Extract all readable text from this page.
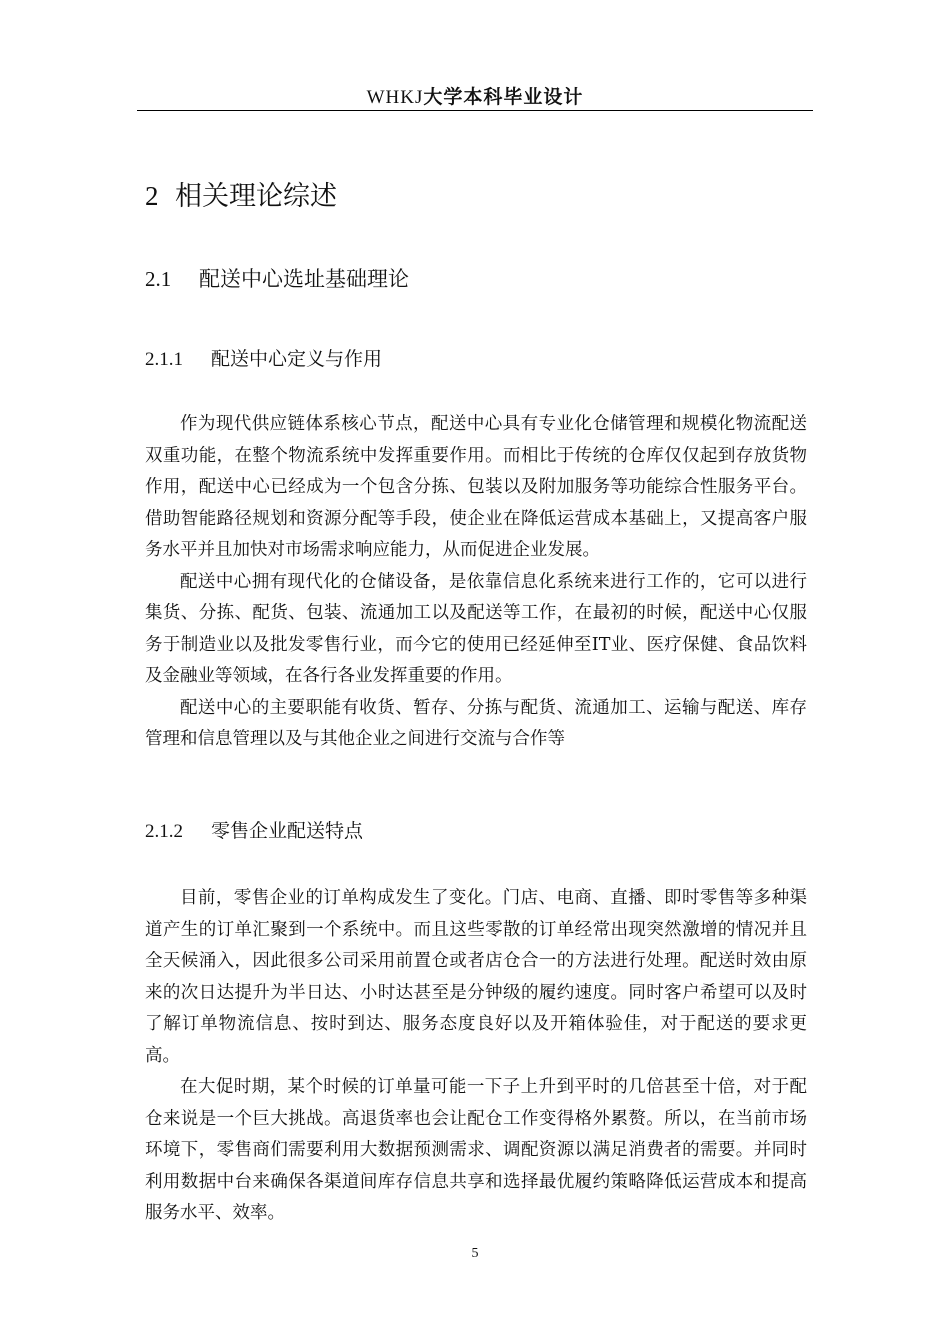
WHKJ大学本科毕业设计
2 相关理论综述
2.1 配送中心选址基础理论
2.1.1 配送中心定义与作用

作为现代供应链体系核心节点，配送中心具有专业化仓储管理和规模化物流配送双重功能，在整个物流系统中发挥重要作用。而相比于传统的仓库仅仅起到存放货物作用，配送中心已经成为一个包含分拣、包装以及附加服务等功能综合性服务平台。借助智能路径规划和资源分配等手段，使企业在降低运营成本基础上，又提高客户服务水平并且加快对市场需求响应能力，从而促进企业发展。

配送中心拥有现代化的仓储设备，是依靠信息化系统来进行工作的，它可以进行集货、分拣、配货、包装、流通加工以及配送等工作，在最初的时候，配送中心仅服务于制造业以及批发零售行业，而今它的使用已经延伸至IT业、医疗保健、食品饮料及金融业等领域，在各行各业发挥重要的作用。

配送中心的主要职能有收货、暂存、分拣与配货、流通加工、运输与配送、库存管理和信息管理以及与其他企业之间进行交流与合作等

2.1.2 零售企业配送特点

目前，零售企业的订单构成发生了变化。门店、电商、直播、即时零售等多种渠道产生的订单汇聚到一个系统中。而且这些零散的订单经常出现突然激增的情况并且全天候涌入，因此很多公司采用前置仓或者店仓合一的方法进行处理。配送时效由原来的次日达提升为半日达、小时达甚至是分钟级的履约速度。同时客户希望可以及时了解订单物流信息、按时到达、服务态度良好以及开箱体验佳，对于配送的要求更高。

在大促时期，某个时候的订单量可能一下子上升到平时的几倍甚至十倍，对于配仓来说是一个巨大挑战。高退货率也会让配仓工作变得格外累赘。所以，在当前市场环境下，零售商们需要利用大数据预测需求、调配资源以满足消费者的需要。并同时利用数据中台来确保各渠道间库存信息共享和选择最优履约策略降低运营成本和提高服务水平、效率。

5
